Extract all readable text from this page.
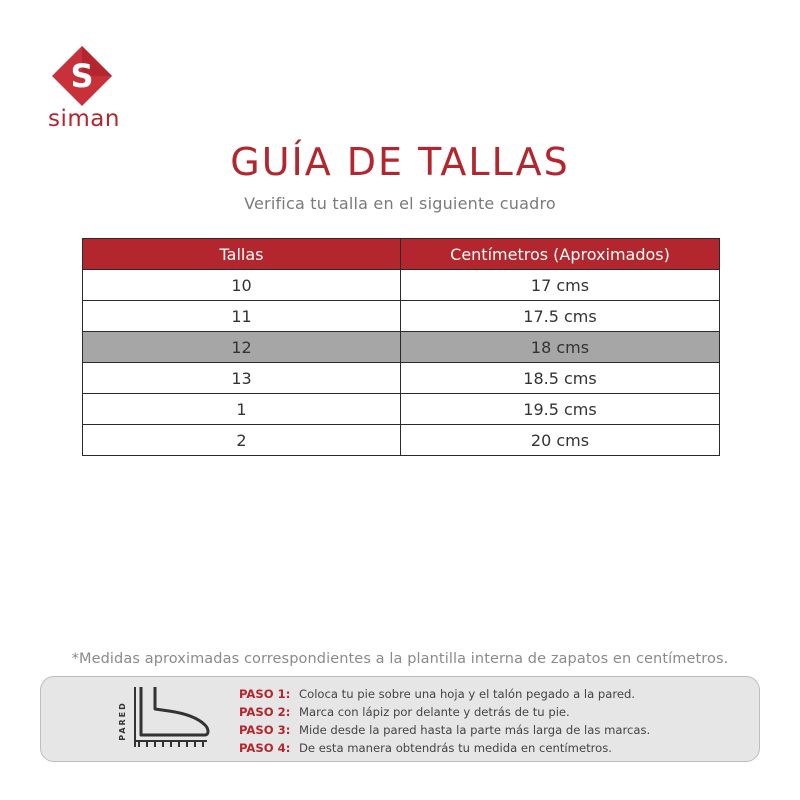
S
siman
GUÍA DE TALLAS
Verifica tu talla en el siguiente cuadro
Tallas	Centímetros (Aproximados)
10	17 cms
11	17.5 cms
12	18 cms
13	18.5 cms
1	19.5 cms
2	20 cms
*Medidas aproximadas correspondientes a la plantilla interna de zapatos en centímetros.
PARED
PASO 1: Coloca tu pie sobre una hoja y el talón pegado a la pared.
PASO 2: Marca con lápiz por delante y detrás de tu pie.
PASO 3: Mide desde la pared hasta la parte más larga de las marcas.
PASO 4: De esta manera obtendrás tu medida en centímetros.
